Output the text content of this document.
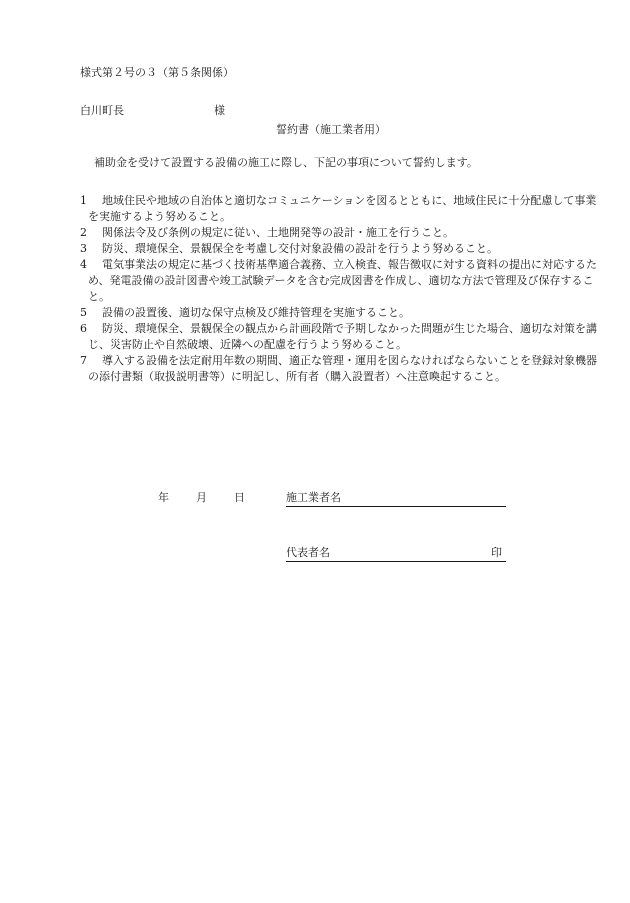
様式第２号の３（第５条関係）
白川町長	様
誓約書（施工業者用）
補助金を受けて設置する設備の施工に際し、下記の事項について誓約します。
1	地域住民や地域の自治体と適切なコミュニケーションを図るとともに、地域住民に十分配慮して事業を実施するよう努めること。
2	関係法令及び条例の規定に従い、土地開発等の設計・施工を行うこと。
3	防災、環境保全、景観保全を考慮し交付対象設備の設計を行うよう努めること。
4	電気事業法の規定に基づく技術基準適合義務、立入検査、報告徴収に対する資料の提出に対応するため、発電設備の設計図書や竣工試験データを含む完成図書を作成し、適切な方法で管理及び保存すること。
5	設備の設置後、適切な保守点検及び維持管理を実施すること。
6	防災、環境保全、景観保全の観点から計画段階で予期しなかった問題が生じた場合、適切な対策を講じ、災害防止や自然破壊、近隣への配慮を行うよう努めること。
7	導入する設備を法定耐用年数の期間、適正な管理・運用を図らなければならないことを登録対象機器の添付書類（取扱説明書等）に明記し、所有者（購入設置者）へ注意喚起すること。
年 月 日	施工業者名
代表者名	印
